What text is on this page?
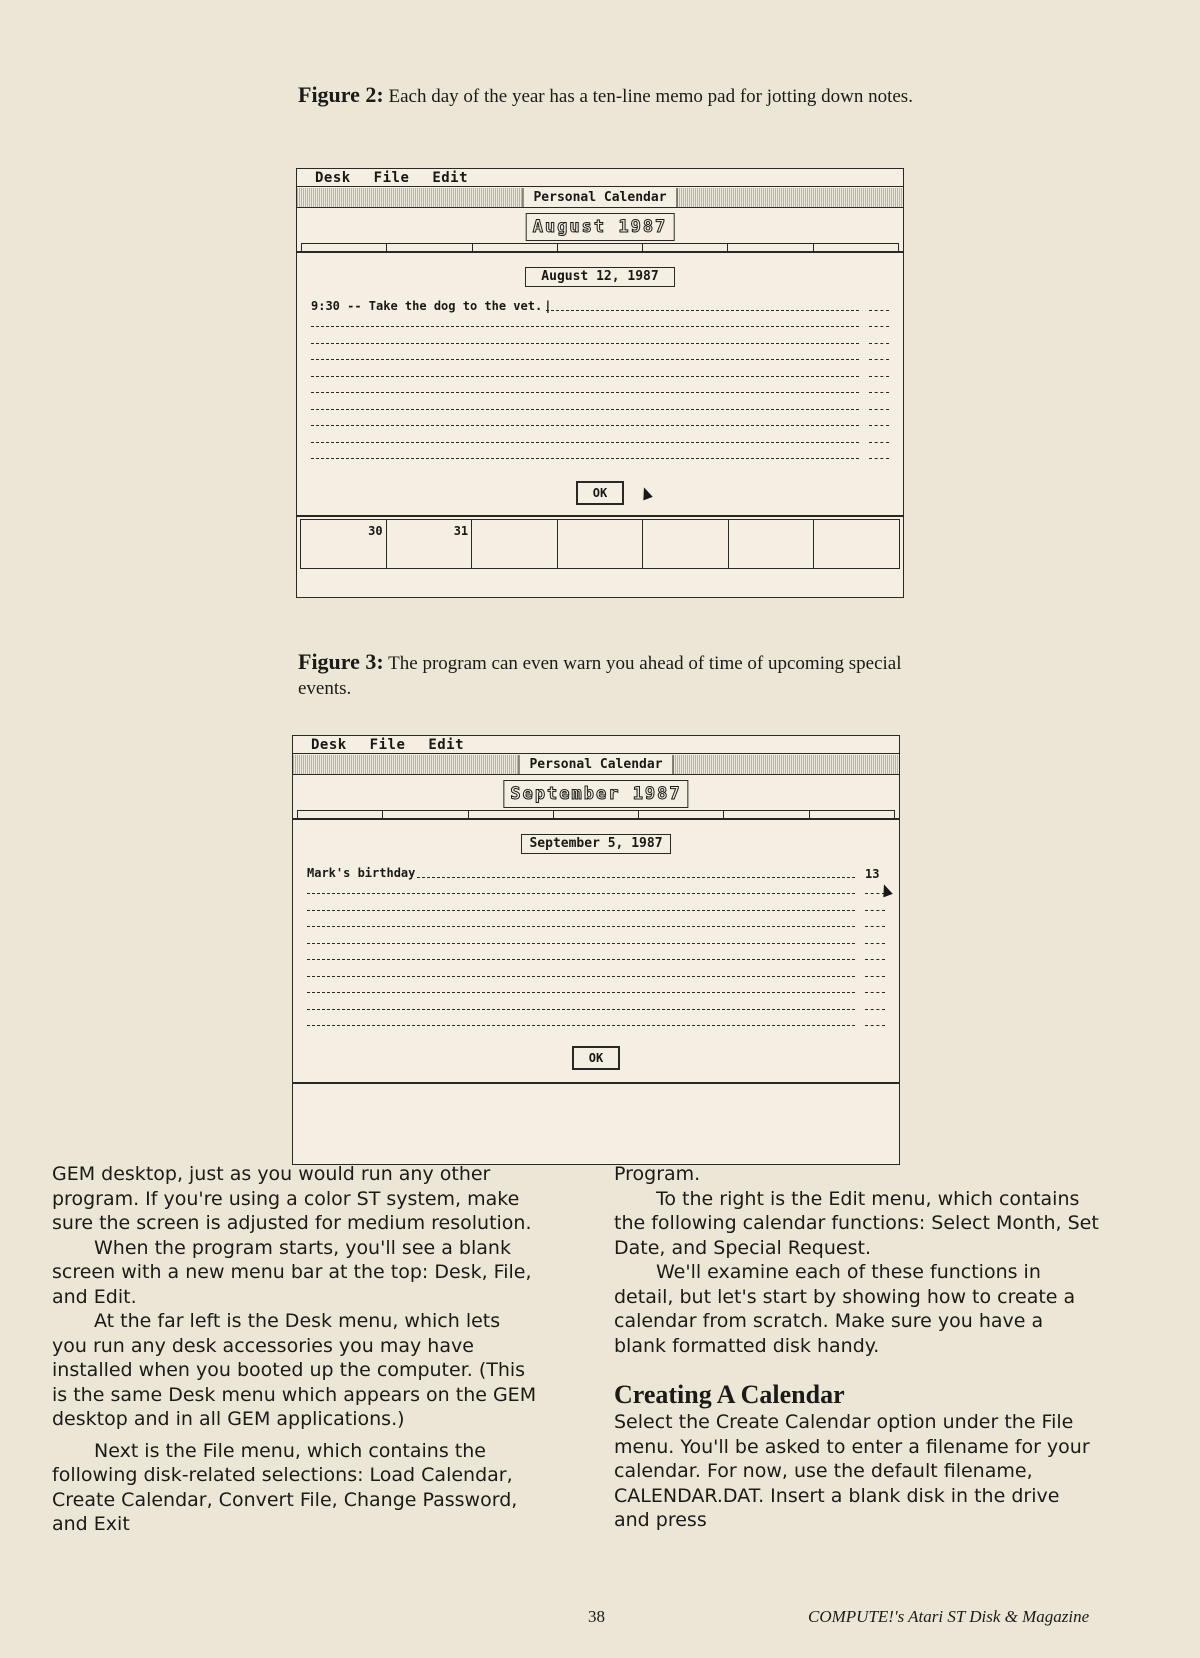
Figure 2: Each day of the year has a ten-line memo pad for jotting down notes.
Desk File Edit
Personal Calendar
August 1987
August 12, 1987
9:30 -- Take the dog to the vet. |
OK
30	31
Figure 3: The program can even warn you ahead of time of upcoming special events.
Desk File Edit
Personal Calendar
September 1987
September 5, 1987
Mark's birthday	13
OK

GEM desktop, just as you would run any other program. If you're using a color ST system, make sure the screen is adjusted for medium resolution.

When the program starts, you'll see a blank screen with a new menu bar at the top: Desk, File, and Edit.

At the far left is the Desk menu, which lets you run any desk accessories you may have installed when you booted up the computer. (This is the same Desk menu which appears on the GEM desktop and in all GEM applications.)

Next is the File menu, which contains the following disk-related selections: Load Calendar, Create Calendar, Convert File, Change Password, and Exit

Program.

To the right is the Edit menu, which contains the following calendar functions: Select Month, Set Date, and Special Request.

We'll examine each of these functions in detail, but let's start by showing how to create a calendar from scratch. Make sure you have a blank formatted disk handy.

Creating A Calendar

Select the Create Calendar option under the File menu. You'll be asked to enter a filename for your calendar. For now, use the default filename, CALENDAR.DAT. Insert a blank disk in the drive and press

38	COMPUTE!'s Atari ST Disk & Magazine
